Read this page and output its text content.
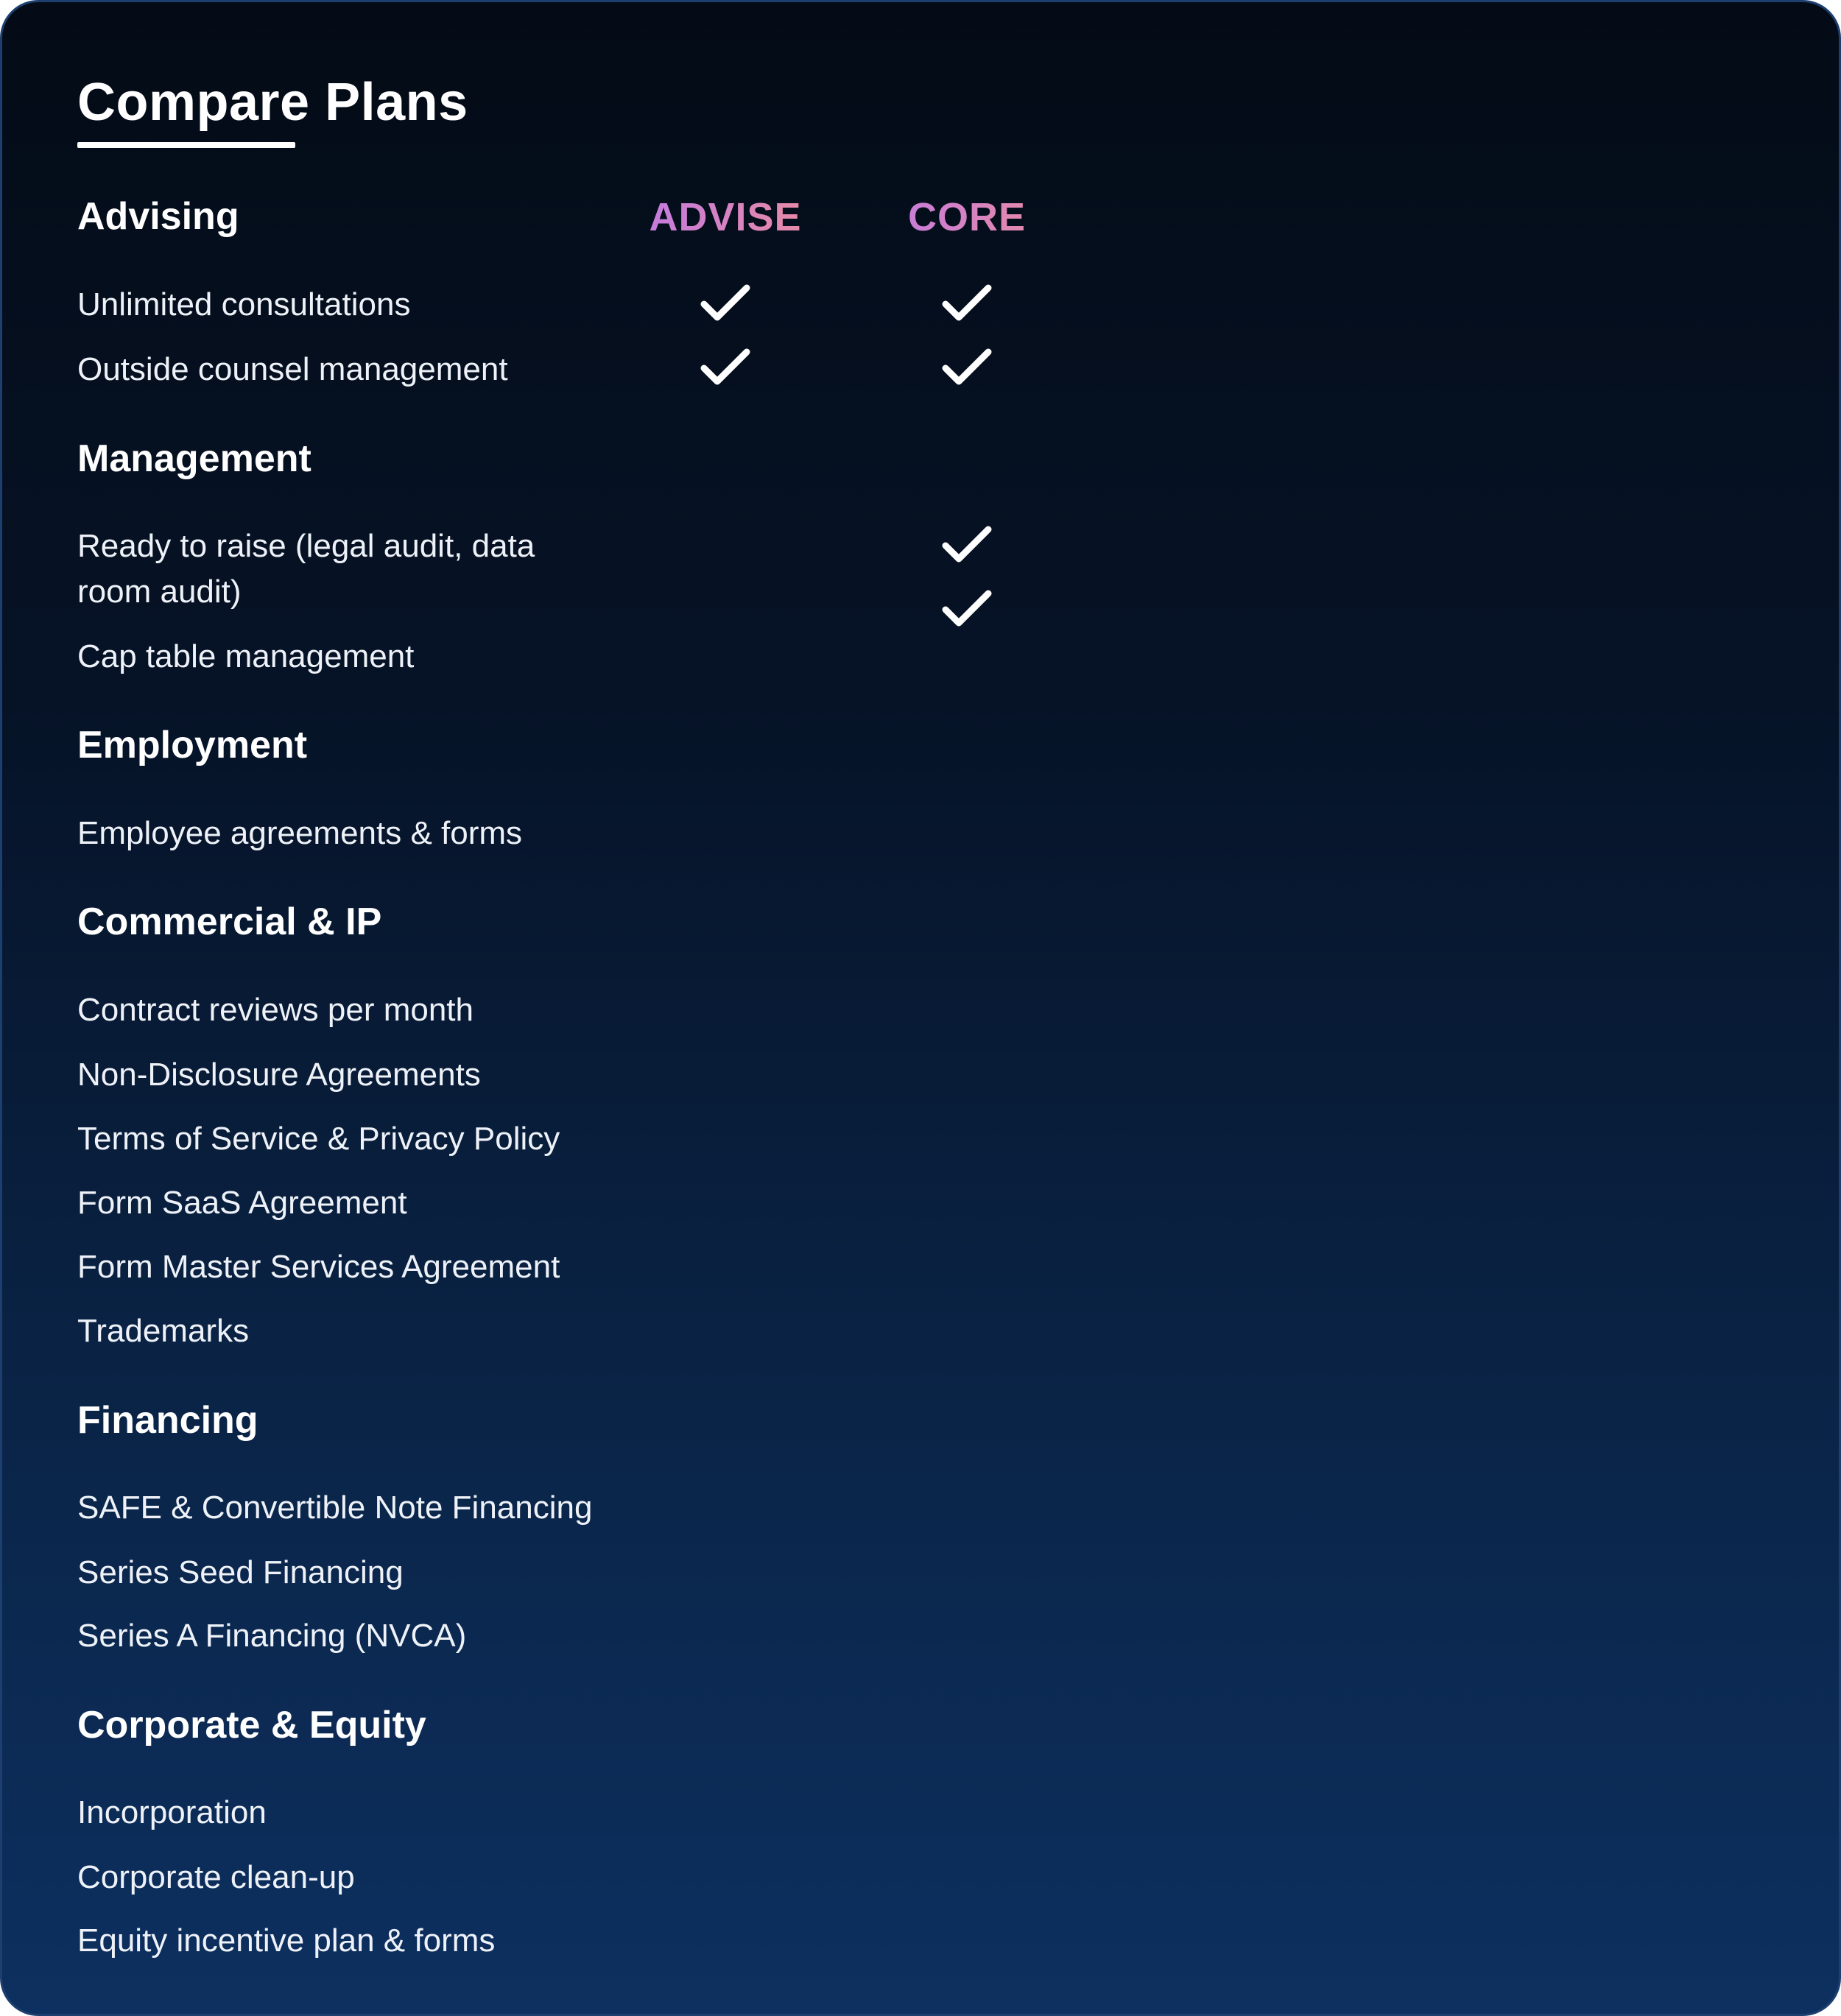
Compare Plans
ADVISE	CORE
Advising
Unlimited consultations
Outside counsel management
Management
Ready to raise (legal audit, data room audit)
Cap table management
Employment
Employee agreements & forms
Commercial & IP
Contract reviews per month
Non-Disclosure Agreements
Terms of Service & Privacy Policy
Form SaaS Agreement
Form Master Services Agreement
Trademarks
Financing
SAFE & Convertible Note Financing
Series Seed Financing
Series A Financing (NVCA)
Corporate & Equity
Incorporation
Corporate clean-up
Equity incentive plan & forms
